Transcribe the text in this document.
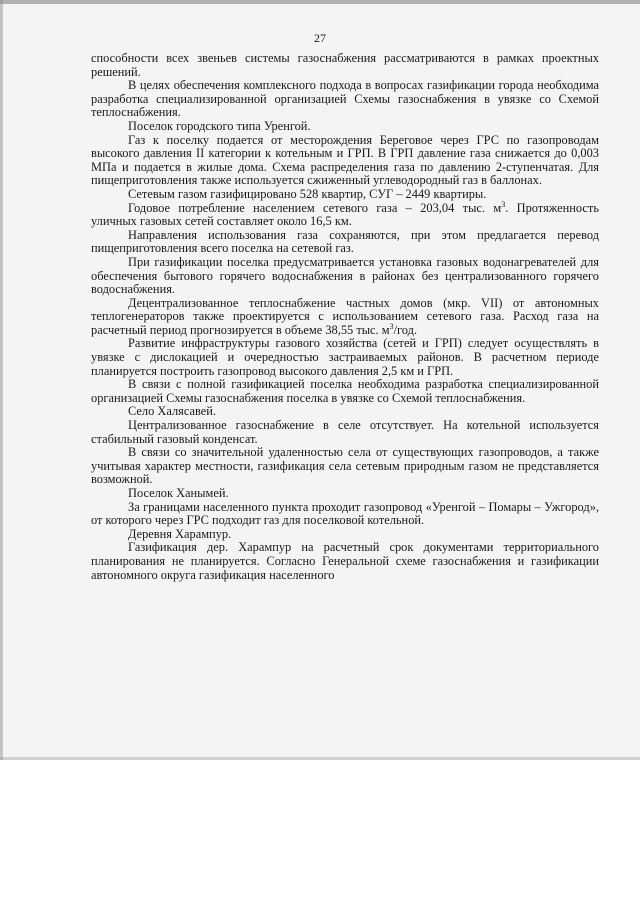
27

способности всех звеньев системы газоснабжения рассматриваются в рамках проектных решений.

В целях обеспечения комплексного подхода в вопросах газификации города необходима разработка специализированной организацией Схемы газоснабжения в увязке со Схемой теплоснабжения.

Поселок городского типа Уренгой.

Газ к поселку подается от месторождения Береговое через ГРС по газопроводам высокого давления II категории к котельным и ГРП. В ГРП давление газа снижается до 0,003 МПа и подается в жилые дома. Схема распределения газа по давлению 2-ступенчатая. Для пищеприготовления также используется сжиженный углеводородный газ в баллонах.

Сетевым газом газифицировано 528 квартир, СУГ – 2449 квартиры.

Годовое потребление населением сетевого газа – 203,04 тыс. $м^3$. Протяженность уличных газовых сетей составляет около 16,5 км.

Направления использования газа сохраняются, при этом предлагается перевод пищеприготовления всего поселка на сетевой газ.

При газификации поселка предусматривается установка газовых водонагревателей для обеспечения бытового горячего водоснабжения в районах без централизованного горячего водоснабжения.

Децентрализованное теплоснабжение частных домов (мкр. VII) от автономных теплогенераторов также проектируется с использованием сетевого газа. Расход газа на расчетный период прогнозируется в объеме 38,55 тыс. $м^3$/год.

Развитие инфраструктуры газового хозяйства (сетей и ГРП) следует осуществлять в увязке с дислокацией и очередностью застраиваемых районов. В расчетном периоде планируется построить газопровод высокого давления 2,5 км и ГРП.

В связи с полной газификацией поселка необходима разработка специализированной организацией Схемы газоснабжения поселка в увязке со Схемой теплоснабжения.

Село Халясавей.

Централизованное газоснабжение в селе отсутствует. На котельной используется стабильный газовый конденсат.

В связи со значительной удаленностью села от существующих газопроводов, а также учитывая характер местности, газификация села сетевым природным газом не представляется возможной.

Поселок Ханымей.

За границами населенного пункта проходит газопровод «Уренгой – Помары – Ужгород», от которого через ГРС подходит газ для поселковой котельной.

Деревня Харампур.

Газификация дер. Харампур на расчетный срок документами территориального планирования не планируется. Согласно Генеральной схеме газоснабжения и газификации автономного округа газификация населенного
